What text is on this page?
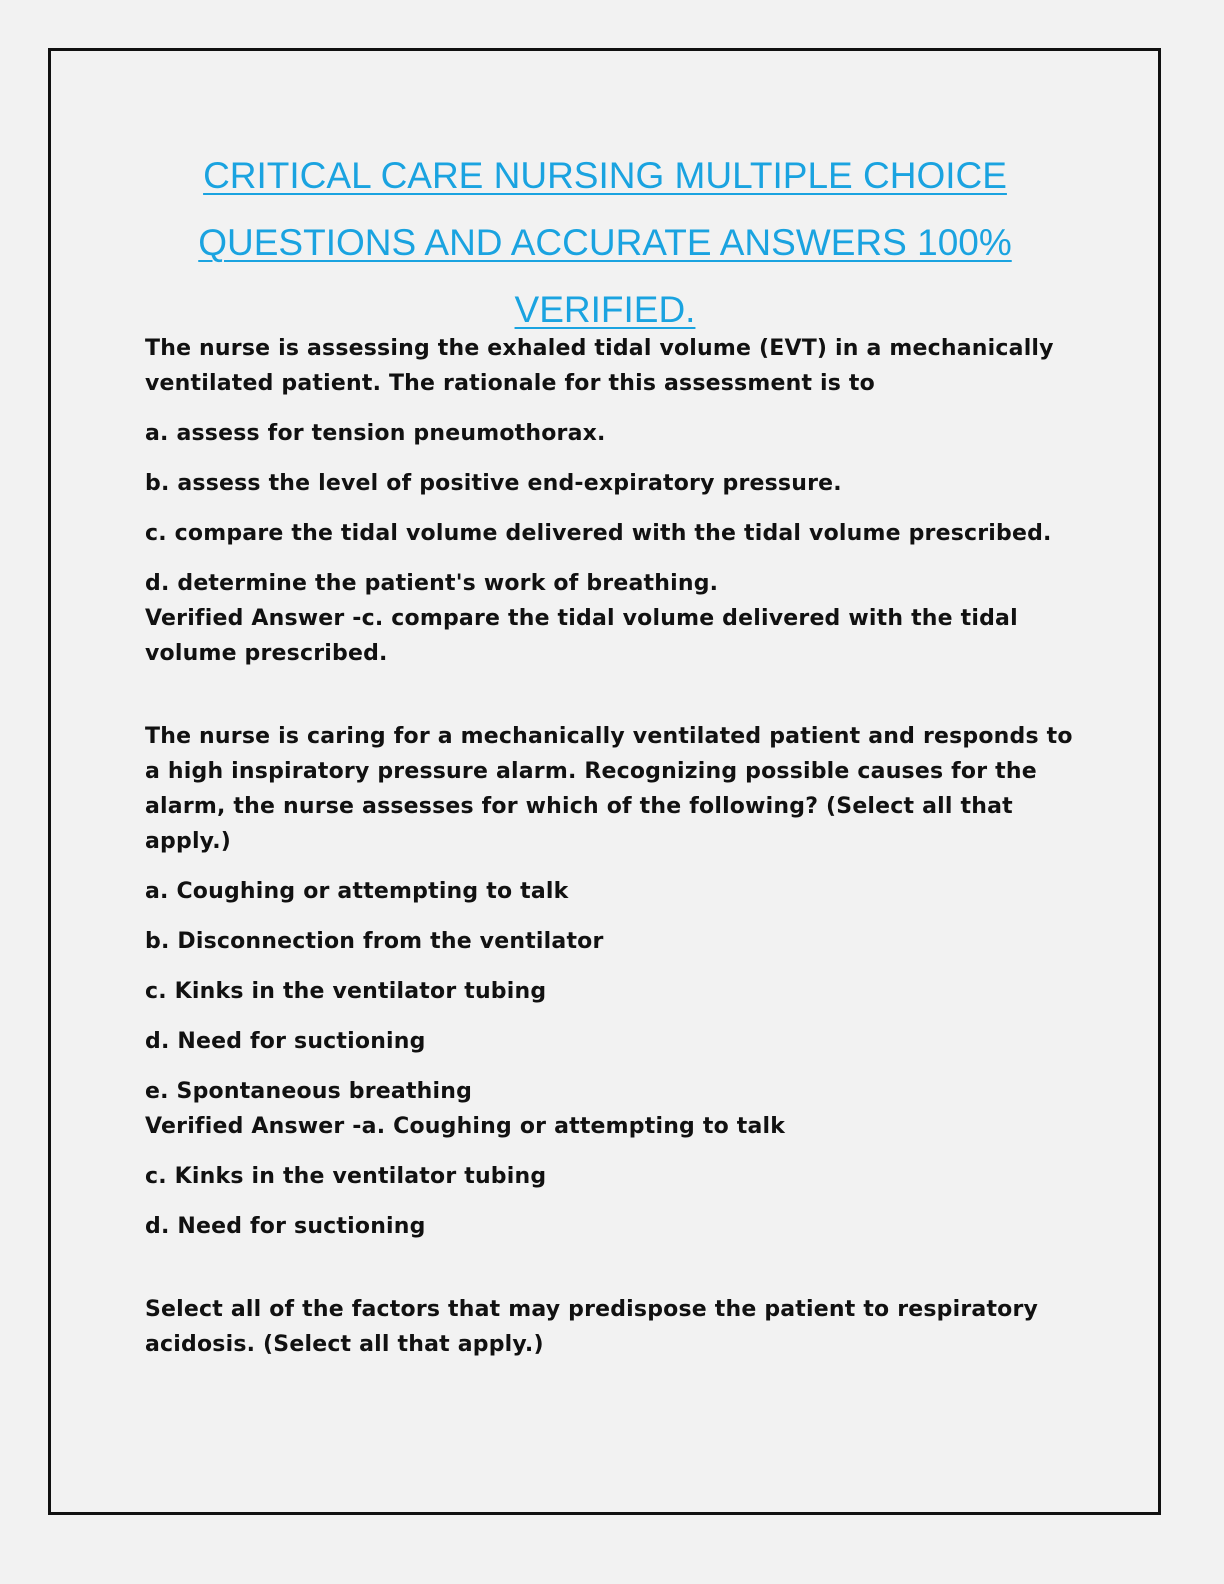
CRITICAL CARE NURSING MULTIPLE CHOICE QUESTIONS AND ACCURATE ANSWERS 100% VERIFIED.

The nurse is assessing the exhaled tidal volume (EVT) in a mechanically ventilated patient. The rationale for this assessment is to

a. assess for tension pneumothorax.

b. assess the level of positive end-expiratory pressure.

c. compare the tidal volume delivered with the tidal volume prescribed.

d. determine the patient's work of breathing.

Verified Answer -c. compare the tidal volume delivered with the tidal volume prescribed.

The nurse is caring for a mechanically ventilated patient and responds to a high inspiratory pressure alarm. Recognizing possible causes for the alarm, the nurse assesses for which of the following? (Select all that apply.)

a. Coughing or attempting to talk

b. Disconnection from the ventilator

c. Kinks in the ventilator tubing

d. Need for suctioning

e. Spontaneous breathing

Verified Answer -a. Coughing or attempting to talk

c. Kinks in the ventilator tubing

d. Need for suctioning

Select all of the factors that may predispose the patient to respiratory acidosis. (Select all that apply.)
